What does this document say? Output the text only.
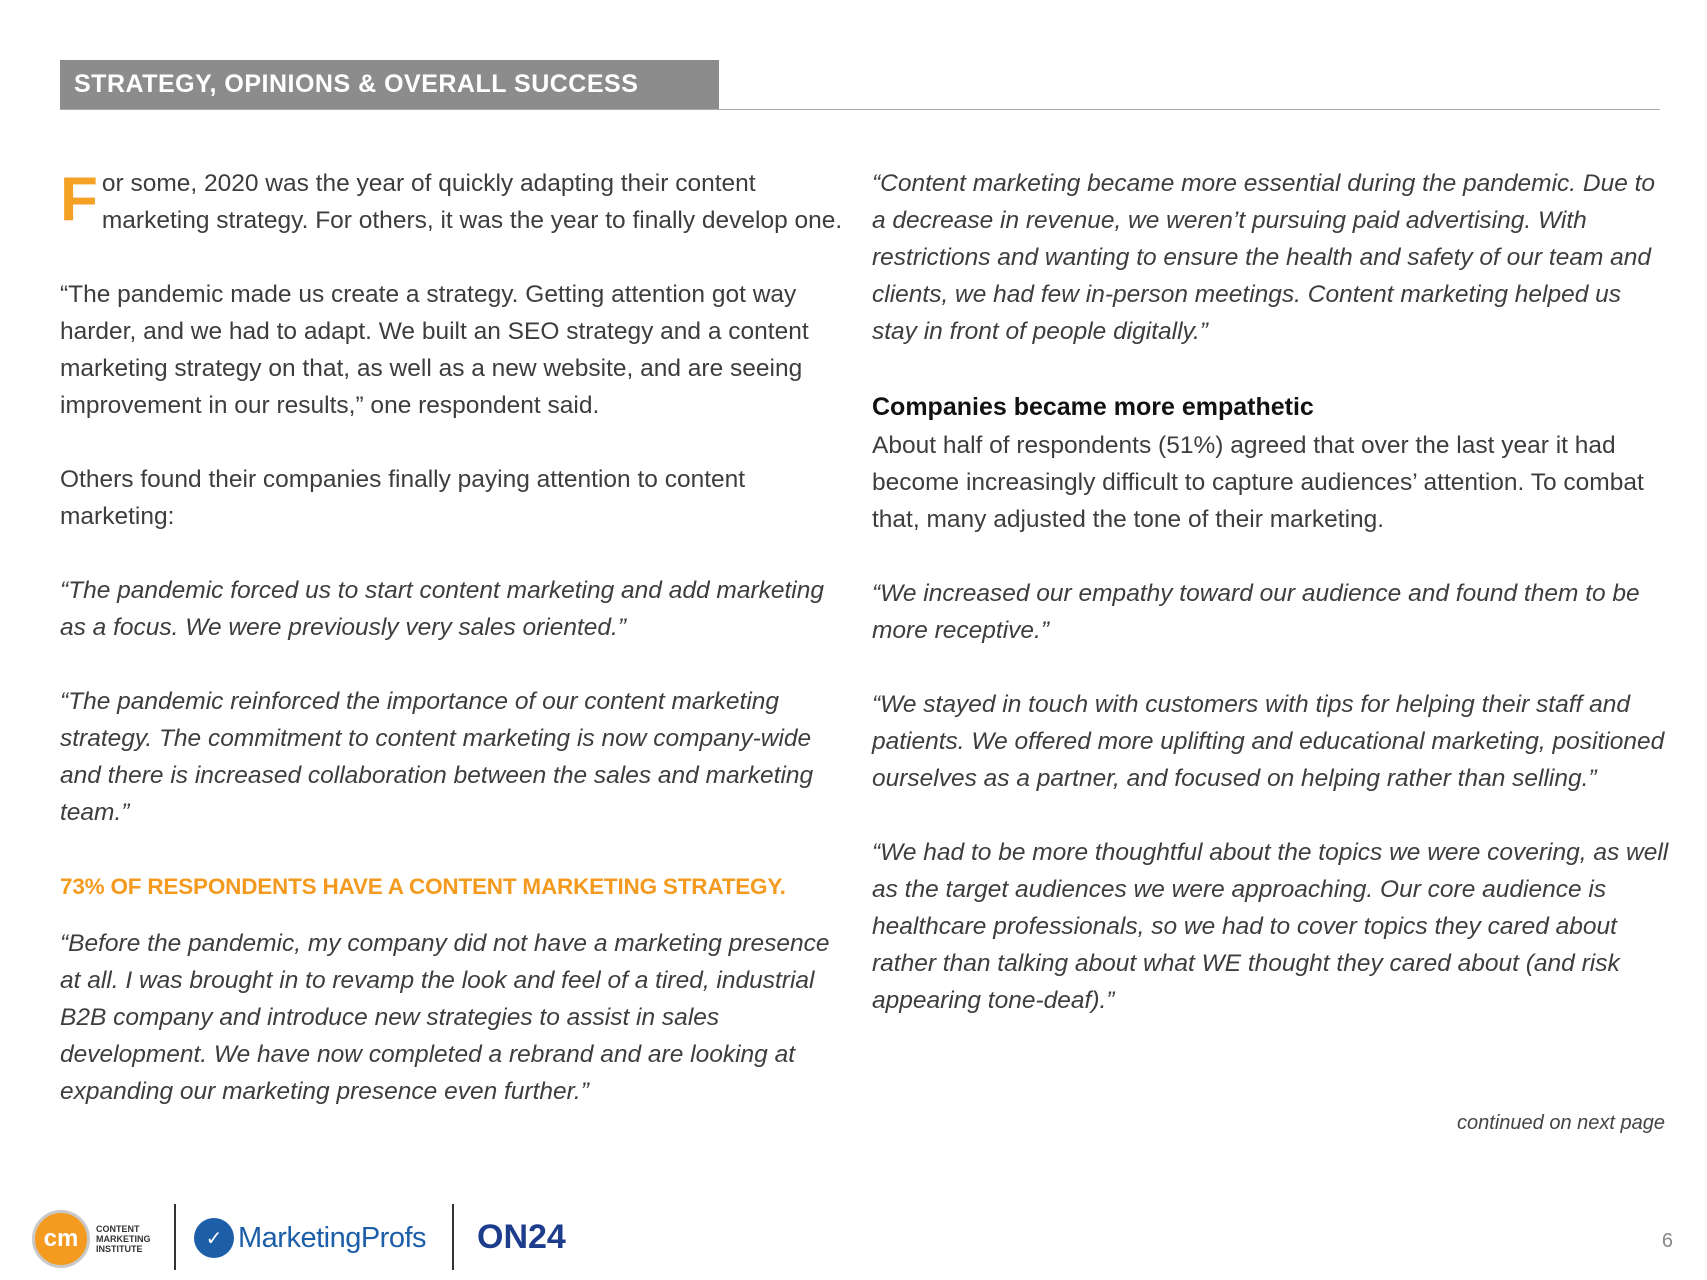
STRATEGY, OPINIONS & OVERALL SUCCESS

For some, 2020 was the year of quickly adapting their content marketing strategy. For others, it was the year to finally develop one.

“The pandemic made us create a strategy. Getting attention got way harder, and we had to adapt. We built an SEO strategy and a content marketing strategy on that, as well as a new website, and are seeing improvement in our results,” one respondent said.

Others found their companies finally paying attention to content marketing:

“The pandemic forced us to start content marketing and add marketing as a focus. We were previously very sales oriented.”

“The pandemic reinforced the importance of our content marketing strategy. The commitment to content marketing is now company-wide and there is increased collaboration between the sales and marketing team.”

73% OF RESPONDENTS HAVE A CONTENT MARKETING STRATEGY.

“Before the pandemic, my company did not have a marketing presence at all. I was brought in to revamp the look and feel of a tired, industrial B2B company and introduce new strategies to assist in sales development. We have now completed a rebrand and are looking at expanding our marketing presence even further.”

“Content marketing became more essential during the pandemic. Due to a decrease in revenue, we weren’t pursuing paid advertising. With restrictions and wanting to ensure the health and safety of our team and clients, we had few in-person meetings. Content marketing helped us stay in front of people digitally.”

Companies became more empathetic

About half of respondents (51%) agreed that over the last year it had become increasingly difficult to capture audiences’ attention. To combat that, many adjusted the tone of their marketing.

“We increased our empathy toward our audience and found them to be more receptive.”

“We stayed in touch with customers with tips for helping their staff and patients. We offered more uplifting and educational marketing, positioned ourselves as a partner, and focused on helping rather than selling.”

“We had to be more thoughtful about the topics we were covering, as well as the target audiences we were approaching. Our core audience is healthcare professionals, so we had to cover topics they cared about rather than talking about what WE thought they cared about (and risk appearing tone-deaf).”

continued on next page
cm	CONTENT
MARKETING
INSTITUTE	✓ MarketingProfs O N24	6
